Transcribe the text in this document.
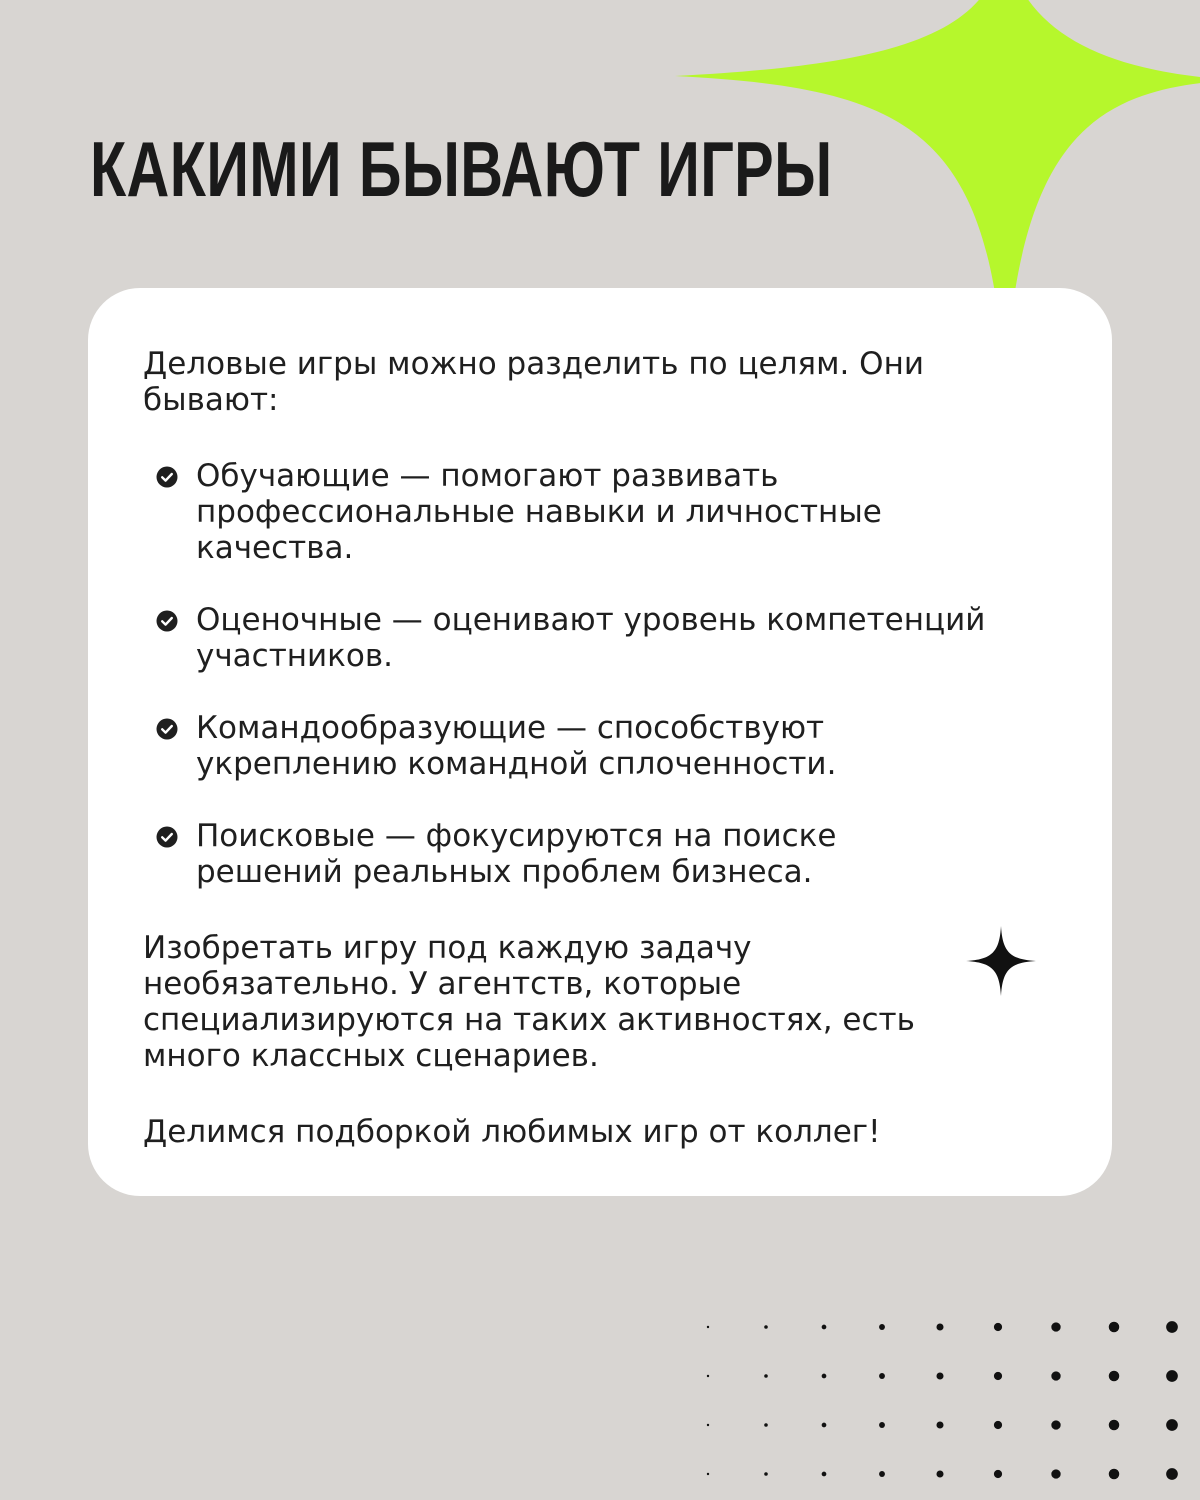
КАКИМИ БЫВАЮТ ИГРЫ

Деловые игры можно разделить по целям. Они бывают:

Обучающие — помогают развивать профессиональные навыки и личностные качества.
Оценочные — оценивают уровень компетенций участников.
Командообразующие — способствуют укреплению командной сплоченности.
Поисковые — фокусируются на поиске решений реальных проблем бизнеса.

Изобретать игру под каждую задачу необязательно. У агентств, которые специализируются на таких активностях, есть много классных сценариев.

Делимся подборкой любимых игр от коллег!
